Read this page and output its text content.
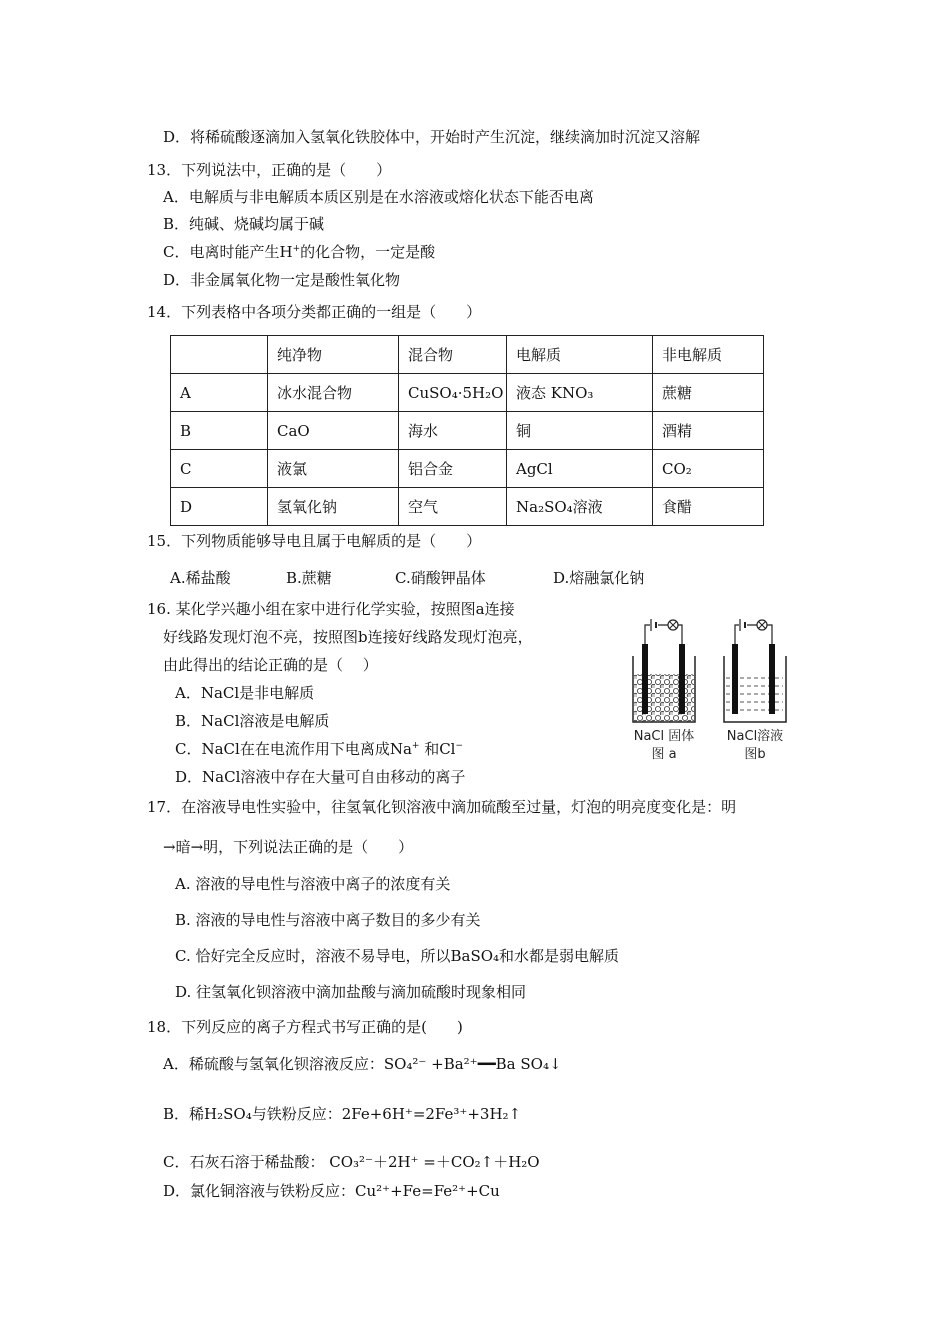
D．将稀硫酸逐滴加入氢氧化铁胶体中，开始时产生沉淀，继续滴加时沉淀又溶解
13．下列说法中，正确的是（　　）
A．电解质与非电解质本质区别是在水溶液或熔化状态下能否电离
B．纯碱、烧碱均属于碱
C．电离时能产生H+的化合物，一定是酸
D．非金属氧化物一定是酸性氧化物
14．下列表格中各项分类都正确的一组是（　　）
	纯净物	混合物	电解质	非电解质
A	冰水混合物	CuSO₄·5H₂O	液态 KNO₃	蔗糖
B	CaO	海水	铜	酒精
C	液氯	铝合金	AgCl	CO₂
D	氢氧化钠	空气	Na₂SO₄溶液	食醋
15．下列物质能够导电且属于电解质的是（　　）
A.稀盐酸	B.蔗糖	C.硝酸钾晶体	D.熔融氯化钠
16. 某化学兴趣小组在家中进行化学实验，按照图a连接
好线路发现灯泡不亮，按照图b连接好线路发现灯泡亮，
由此得出的结论正确的是（　 ）
A．NaCl是非电解质
B．NaCl溶液是电解质
C．NaCl在在电流作用下电离成Na+ 和Cl−
D．NaCl溶液中存在大量可自由移动的离子
NaCl 固体
图 a
NaCl溶液
图b
17．在溶液导电性实验中，往氢氧化钡溶液中滴加硫酸至过量，灯泡的明亮度变化是：明
→暗→明，下列说法正确的是（　　）
A. 溶液的导电性与溶液中离子的浓度有关
B. 溶液的导电性与溶液中离子数目的多少有关
C. 恰好完全反应时，溶液不易导电，所以BaSO₄和水都是弱电解质
D. 往氢氧化钡溶液中滴加盐酸与滴加硫酸时现象相同
18．下列反应的离子方程式书写正确的是(　　)
A．稀硫酸与氢氧化钡溶液反应：SO₄²⁻ +Ba²⁺━━Ba SO₄↓
B．稀H₂SO₄与铁粉反应：2Fe+6H⁺=2Fe³⁺+3H₂↑
C．石灰石溶于稀盐酸： CO₃²⁻＋2H⁺ =＋CO₂↑＋H₂O
D．氯化铜溶液与铁粉反应：Cu²⁺+Fe=Fe²⁺+Cu
